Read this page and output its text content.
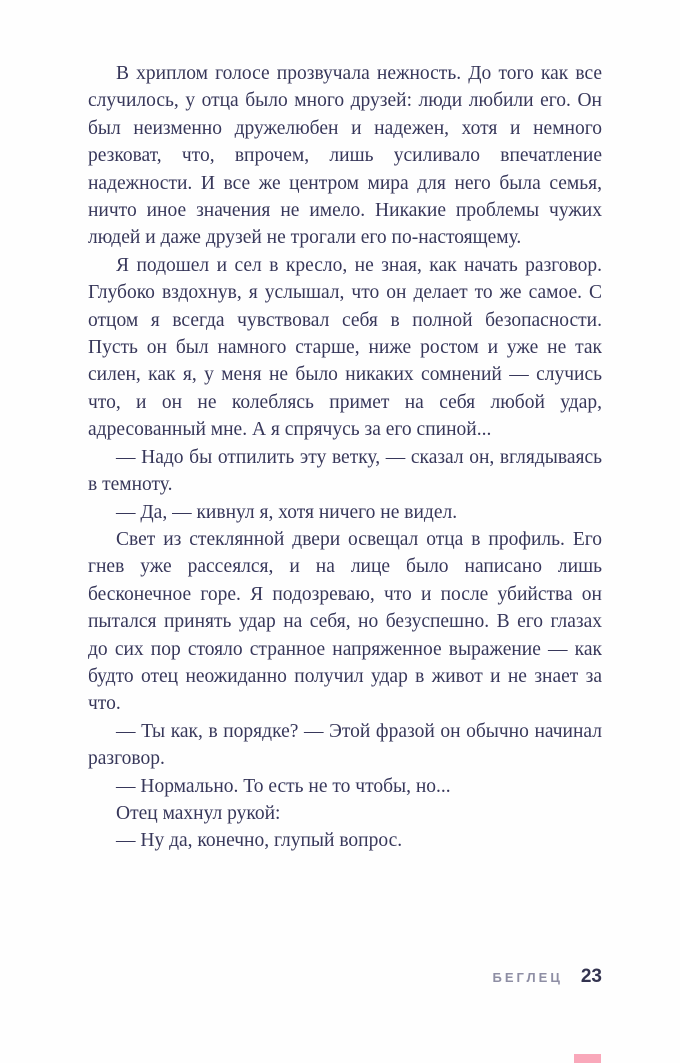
В хриплом голосе прозвучала нежность. До того как все случилось, у отца было много друзей: люди любили его. Он был неизменно дружелюбен и надежен, хотя и немного резковат, что, впрочем, лишь усиливало впечатление надежности. И все же центром мира для него была семья, ничто иное значения не имело. Никакие проблемы чужих людей и даже друзей не трогали его по-настоящему.

Я подошел и сел в кресло, не зная, как начать разговор. Глубоко вздохнув, я услышал, что он делает то же самое. С отцом я всегда чувствовал себя в полной безопасности. Пусть он был намного старше, ниже ростом и уже не так силен, как я, у меня не было никаких сомнений — случись что, и он не колеблясь примет на себя любой удар, адресованный мне. А я спрячусь за его спиной...

— Надо бы отпилить эту ветку, — сказал он, вглядываясь в темноту.

— Да, — кивнул я, хотя ничего не видел.

Свет из стеклянной двери освещал отца в профиль. Его гнев уже рассеялся, и на лице было написано лишь бесконечное горе. Я подозреваю, что и после убийства он пытался принять удар на себя, но безуспешно. В его глазах до сих пор стояло странное напряженное выражение — как будто отец неожиданно получил удар в живот и не знает за что.

— Ты как, в порядке? — Этой фразой он обычно начинал разговор.

— Нормально. То есть не то чтобы, но...

Отец махнул рукой:

— Ну да, конечно, глупый вопрос.

БЕГЛЕЦ 23
